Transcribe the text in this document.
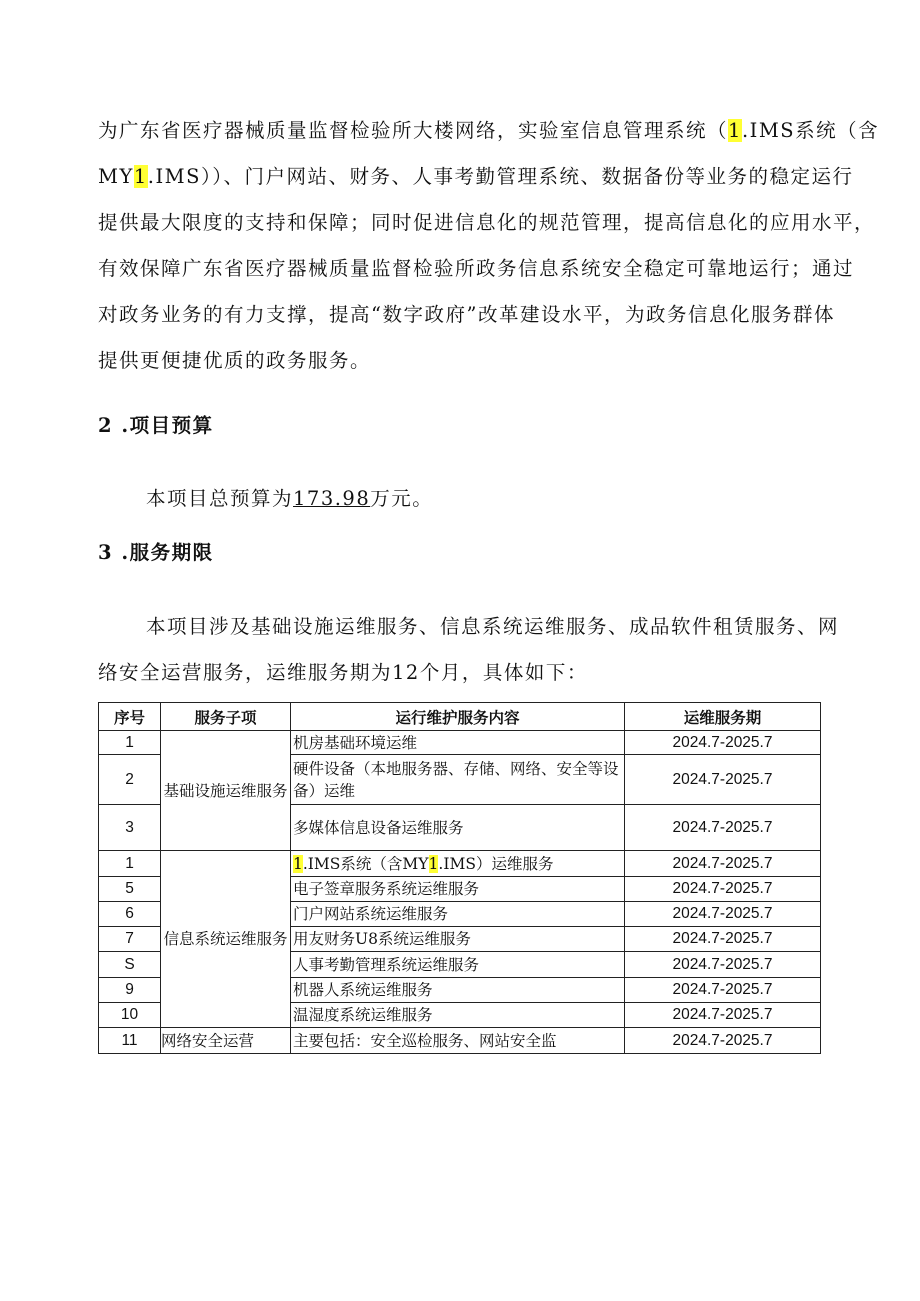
为广东省医疗器械质量监督检验所大楼网络，实验室信息管理系统（1.IMS系统（含
MY1.IMS））、门户网站、财务、人事考勤管理系统、数据备份等业务的稳定运行
提供最大限度的支持和保障；同时促进信息化的规范管理，提高信息化的应用水平，
有效保障广东省医疗器械质量监督检验所政务信息系统安全稳定可靠地运行；通过
对政务业务的有力支撑，提高“数字政府”改革建设水平，为政务信息化服务群体
提供更便捷优质的政务服务。
2 .项目预算
本项目总预算为173.98万元。
3 .服务期限
本项目涉及基础设施运维服务、信息系统运维服务、成品软件租赁服务、网
络安全运营服务，运维服务期为12个月，具体如下：
序号	服务子项	运行维护服务内容	运维服务期
1	基础设施运维服务	机房基础环境运维	2024.7-2025.7
2		硬件设备（本地服务器、存储、网络、安全等设备）运维	2024.7-2025.7
3		多媒体信息设备运维服务	2024.7-2025.7
1	信息系统运维服务	1.IMS系统（含MY1.IMS）运维服务	2024.7-2025.7
5		电子签章服务系统运维服务	2024.7-2025.7
6		门户网站系统运维服务	2024.7-2025.7
7		用友财务U8系统运维服务	2024.7-2025.7
S		人事考勤管理系统运维服务	2024.7-2025.7
9		机器人系统运维服务	2024.7-2025.7
10		温湿度系统运维服务	2024.7-2025.7
11	网络安全运营	主要包括：安全巡检服务、网站安全监	2024.7-2025.7
